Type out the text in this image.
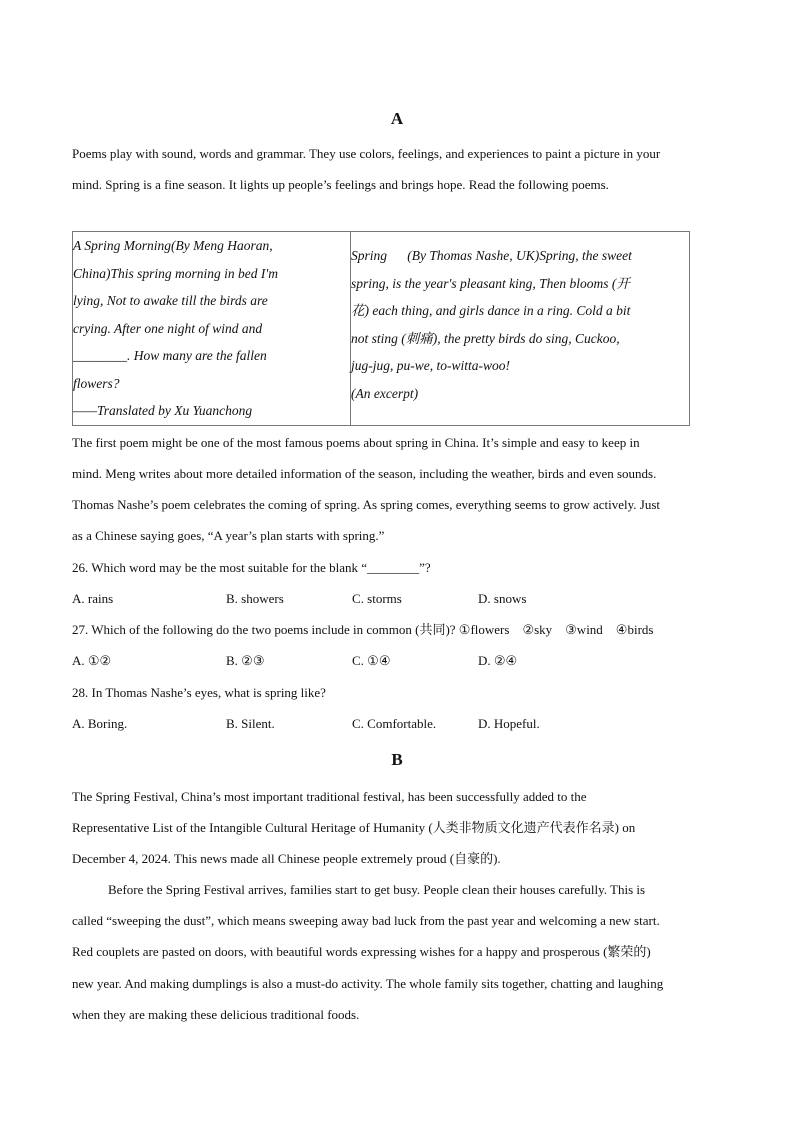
A
Poems play with sound, words and grammar. They use colors, feelings, and experiences to paint a picture in your
mind. Spring is a fine season. It lights up people’s feelings and brings hope. Read the following poems.
A Spring Morning(By Meng Haoran,
China)This spring morning in bed I'm
lying, Not to awake till the birds are
crying. After one night of wind and
________. How many are the fallen
flowers?
——Translated by Xu Yuanchong

Spring      (By Thomas Nashe, UK)Spring, the sweet
spring, is the year's pleasant king, Then blooms (开
花) each thing, and girls dance in a ring. Cold a bit
not sting (刺痛), the pretty birds do sing, Cuckoo,
jug-jug, pu-we, to-witta-woo!
(An excerpt)
The first poem might be one of the most famous poems about spring in China. It’s simple and easy to keep in
mind. Meng writes about more detailed information of the season, including the weather, birds and even sounds.
Thomas Nashe’s poem celebrates the coming of spring. As spring comes, everything seems to grow actively. Just
as a Chinese saying goes, “A year’s plan starts with spring.”
26. Which word may be the most suitable for the blank “________”?
A. rains	B. showers	C. storms	D. snows
27. Which of the following do the two poems include in common (共同)? ①flowers    ②sky    ③wind    ④birds
A. ①②	B. ②③	C. ①④	D. ②④
28. In Thomas Nashe’s eyes, what is spring like?
A. Boring.	B. Silent.	C. Comfortable.	D. Hopeful.
B
The Spring Festival, China’s most important traditional festival, has been successfully added to the
Representative List of the Intangible Cultural Heritage of Humanity (人类非物质文化遗产代表作名录) on
December 4, 2024. This news made all Chinese people extremely proud (自豪的).
Before the Spring Festival arrives, families start to get busy. People clean their houses carefully. This is
called “sweeping the dust”, which means sweeping away bad luck from the past year and welcoming a new start.
Red couplets are pasted on doors, with beautiful words expressing wishes for a happy and prosperous (繁荣的)
new year. And making dumplings is also a must-do activity. The whole family sits together, chatting and laughing
when they are making these delicious traditional foods.
